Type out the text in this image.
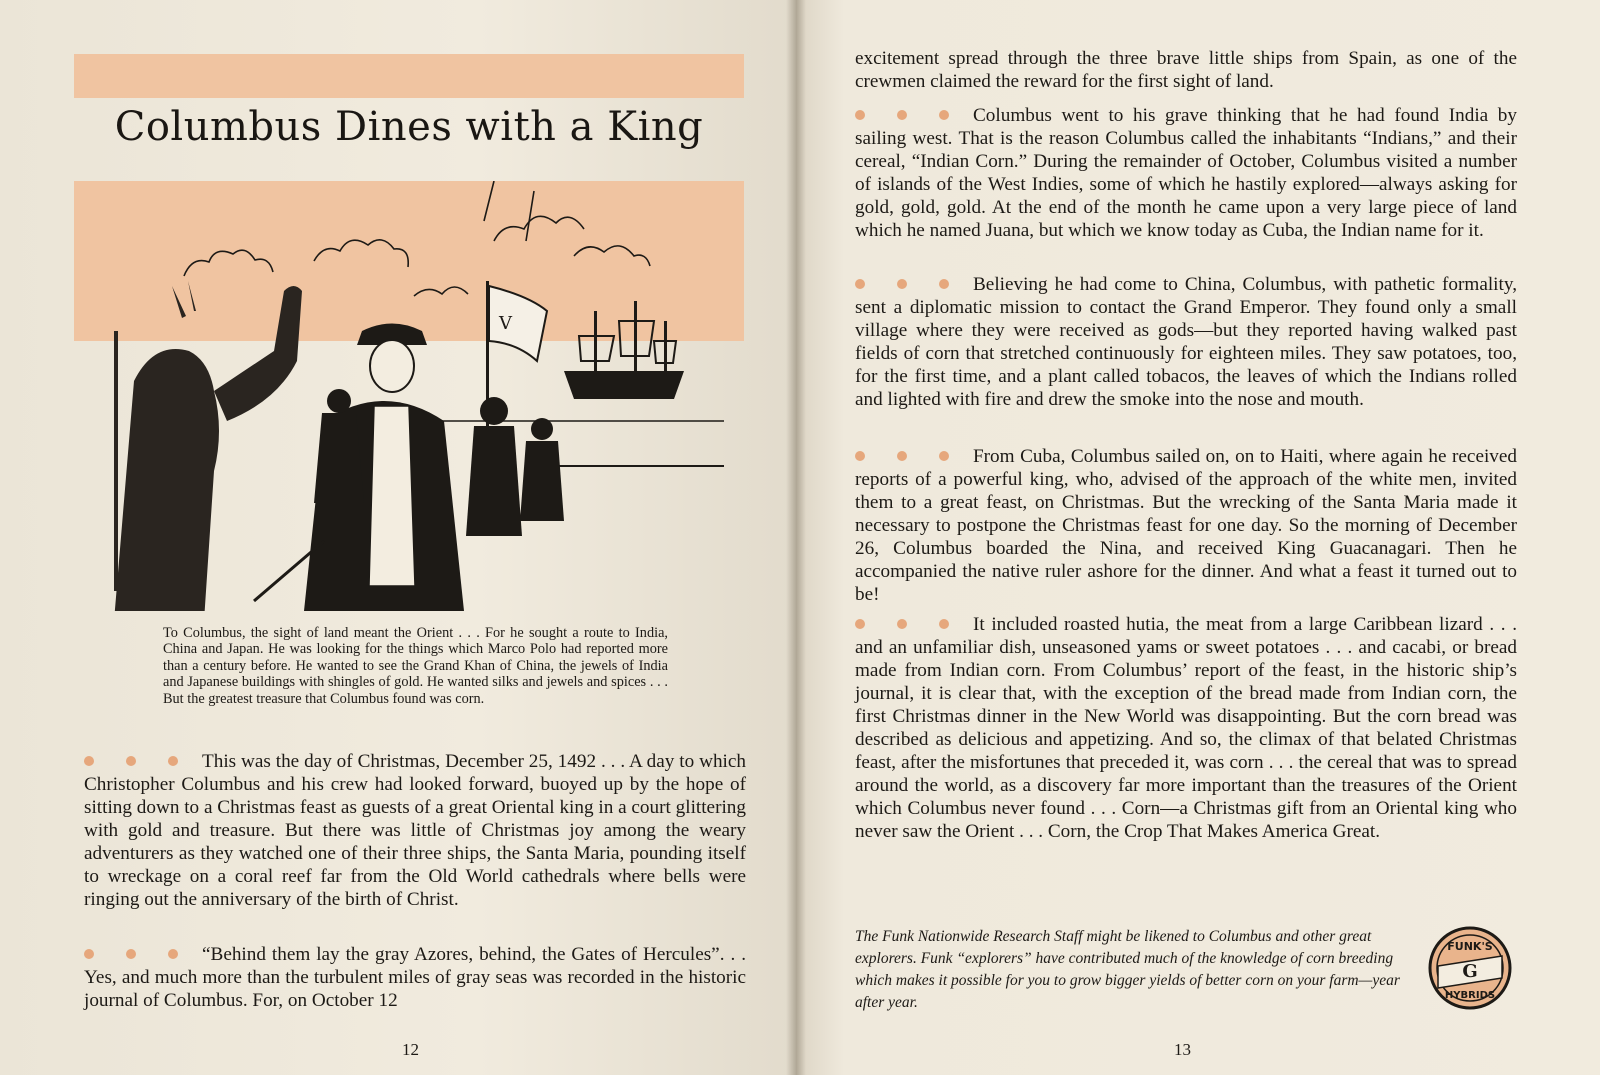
Columbus Dines with a King
V
To Columbus, the sight of land meant the Orient . . . For he sought a route to India, China and Japan. He was looking for the things which Marco Polo had reported more than a century before. He wanted to see the Grand Khan of China, the jewels of India and Japanese buildings with shingles of gold. He wanted silks and jewels and spices . . . But the greatest treasure that Columbus found was corn.
This was the day of Christmas, December 25, 1492 . . . A day to which Christopher Columbus and his crew had looked forward, buoyed up by the hope of sitting down to a Christmas feast as guests of a great Oriental king in a court glittering with gold and treasure. But there was little of Christmas joy among the weary adventurers as they watched one of their three ships, the Santa Maria, pounding itself to wreckage on a coral reef far from the Old World cathedrals where bells were ringing out the anniversary of the birth of Christ.
“Behind them lay the gray Azores, behind, the Gates of Hercules”. . . Yes, and much more than the turbulent miles of gray seas was recorded in the historic journal of Columbus. For, on October 12
12
excitement spread through the three brave little ships from Spain, as one of the crewmen claimed the reward for the first sight of land.
Columbus went to his grave thinking that he had found India by sailing west. That is the reason Columbus called the inhabitants “Indians,” and their cereal, “Indian Corn.” During the remainder of October, Columbus visited a number of islands of the West Indies, some of which he hastily explored—always asking for gold, gold, gold. At the end of the month he came upon a very large piece of land which he named Juana, but which we know today as Cuba, the Indian name for it.
Believing he had come to China, Columbus, with pathetic formality, sent a diplomatic mission to contact the Grand Emperor. They found only a small village where they were received as gods—but they reported having walked past fields of corn that stretched continuously for eighteen miles. They saw potatoes, too, for the first time, and a plant called tobacos, the leaves of which the Indians rolled and lighted with fire and drew the smoke into the nose and mouth.
From Cuba, Columbus sailed on, on to Haiti, where again he received reports of a powerful king, who, advised of the approach of the white men, invited them to a great feast, on Christmas. But the wrecking of the Santa Maria made it necessary to postpone the Christmas feast for one day. So the morning of December 26, Columbus boarded the Nina, and received King Guacanagari. Then he accompanied the native ruler ashore for the dinner. And what a feast it turned out to be!
It included roasted hutia, the meat from a large Caribbean lizard . . . and an unfamiliar dish, unseasoned yams or sweet potatoes . . . and cacabi, or bread made from Indian corn. From Columbus’ report of the feast, in the historic ship’s journal, it is clear that, with the exception of the bread made from Indian corn, the first Christmas dinner in the New World was disappointing. But the corn bread was described as delicious and appetizing. And so, the climax of that belated Christmas feast, after the misfortunes that preceded it, was corn . . . the cereal that was to spread around the world, as a discovery far more important than the treasures of the Orient which Columbus never found . . . Corn—a Christmas gift from an Oriental king who never saw the Orient . . . Corn, the Crop That Makes America Great.
The Funk Nationwide Research Staff might be likened to Columbus and other great explorers. Funk “explorers” have contributed much of the knowledge of corn breeding which makes it possible for you to grow bigger yields of better corn on your farm—year after year.
FUNK'S
G
HYBRIDS
13
